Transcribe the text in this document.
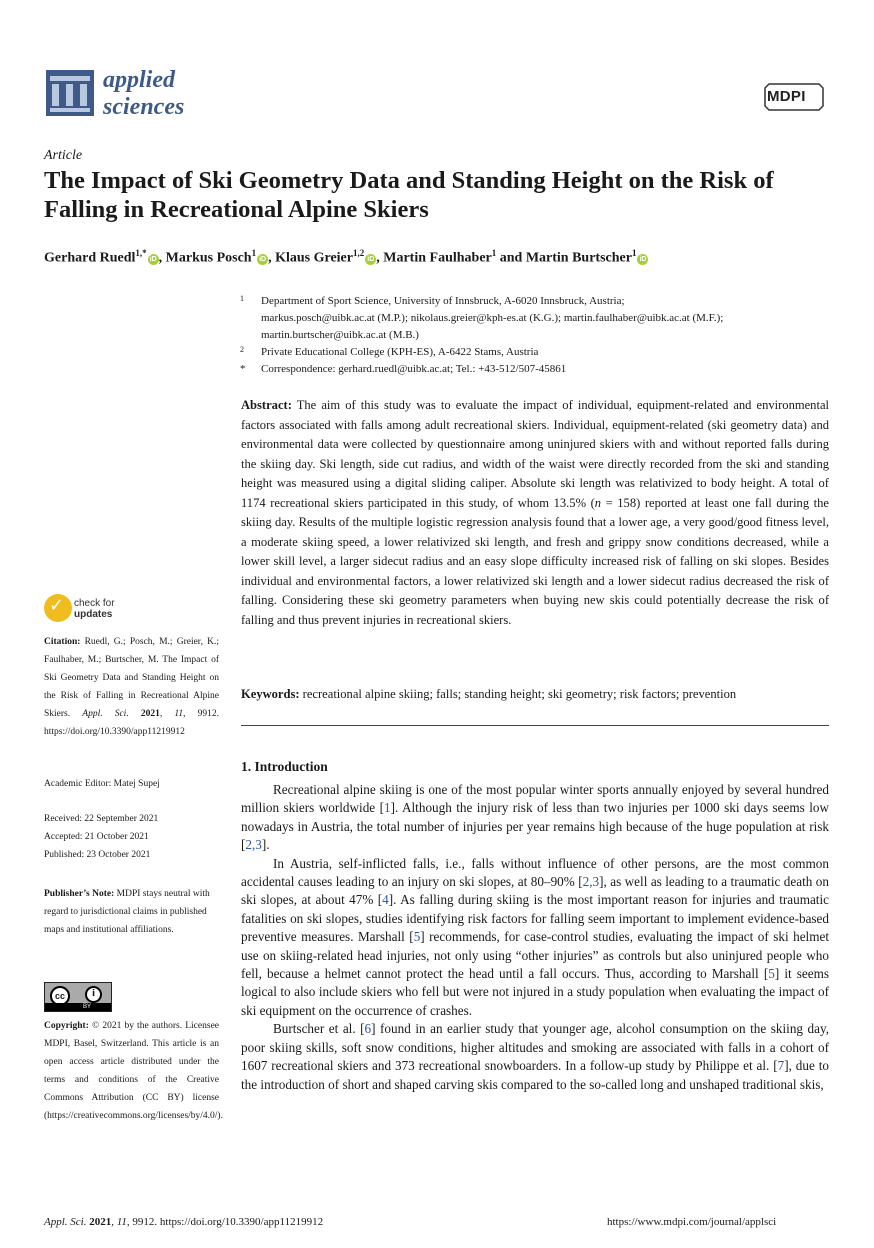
applied
sciences	MDPI
Article
The Impact of Ski Geometry Data and Standing Height on the Risk of Falling in Recreational Alpine Skiers
Gerhard Ruedl$^{1,*}$iD , Markus Posch$^1$iD , Klaus Greier$^{1,2}$iD , Martin Faulhaber$^1$ and Martin Burtscher$^1$iD
1 Department of Sport Science, University of Innsbruck, A-6020 Innsbruck, Austria;
markus.posch@uibk.ac.at (M.P.); nikolaus.greier@kph-es.at (K.G.); martin.faulhaber@uibk.ac.at (M.F.);
martin.burtscher@uibk.ac.at (M.B.)
2 Private Educational College (KPH-ES), A-6422 Stams, Austria
* Correspondence: gerhard.ruedl@uibk.ac.at; Tel.: +43-512/507-45861

Abstract: The aim of this study was to evaluate the impact of individual, equipment-related and environmental factors associated with falls among adult recreational skiers. Individual, equipment-related (ski geometry data) and environmental data were collected by questionnaire among uninjured skiers with and without reported falls during the skiing day. Ski length, side cut radius, and width of the waist were directly recorded from the ski and standing height was measured using a digital sliding caliper. Absolute ski length was relativized to body height. A total of 1174 recreational skiers participated in this study, of whom 13.5% (n = 158) reported at least one fall during the skiing day. Results of the multiple logistic regression analysis found that a lower age, a very good/good fitness level, a moderate skiing speed, a lower relativized ski length, and fresh and grippy snow conditions decreased, while a lower skill level, a larger sidecut radius and an easy slope difficulty increased risk of falling on ski slopes. Besides individual and environmental factors, a lower relativized ski length and a lower sidecut radius decreased the risk of falling. Considering these ski geometry parameters when buying new skis could potentially decrease the risk of falling and thus prevent injuries in recreational skiers.

Keywords: recreational alpine skiing; falls; standing height; ski geometry; risk factors; prevention

1. Introduction

Recreational alpine skiing is one of the most popular winter sports annually enjoyed by several hundred million skiers worldwide [1]. Although the injury risk of less than two injuries per 1000 ski days seems low nowadays in Austria, the total number of injuries per year remains high because of the huge population at risk [2,3].

In Austria, self-inflicted falls, i.e., falls without influence of other persons, are the most common accidental causes leading to an injury on ski slopes, at 80–90% [2,3], as well as leading to a traumatic death on ski slopes, at about 47% [4]. As falling during skiing is the most important reason for injuries and traumatic fatalities on ski slopes, studies identifying risk factors for falling seem important to implement evidence-based preventive measures. Marshall [5] recommends, for case-control studies, evaluating the impact of ski helmet use on skiing-related head injuries, not only using “other injuries” as controls but also uninjured people who fell, because a helmet cannot protect the head until a fall occurs. Thus, according to Marshall [5] it seems logical to also include skiers who fell but were not injured in a study population when evaluating the impact of ski equipment on the occurrence of crashes.

Burtscher et al. [6] found in an earlier study that younger age, alcohol consumption on the skiing day, poor skiing skills, soft snow conditions, higher altitudes and smoking are associated with falls in a cohort of 1607 recreational skiers and 373 recreational snowboarders. In a follow-up study by Philippe et al. [7], due to the introduction of short and shaped carving skis compared to the so-called long and unshaped traditional skis,

✓ check for
updates
Citation: Ruedl, G.; Posch, M.; Greier, K.; Faulhaber, M.; Burtscher, M. The Impact of Ski Geometry Data and Standing Height on the Risk of Falling in Recreational Alpine Skiers. Appl. Sci. 2021, 11, 9912. https://doi.org/10.3390/app11219912
Academic Editor: Matej Supej
Received: 22 September 2021
Accepted: 21 October 2021
Published: 23 October 2021
Publisher’s Note: MDPI stays neutral with regard to jurisdictional claims in published maps and institutional affiliations.
cc	i
BY
Copyright: © 2021 by the authors. Licensee MDPI, Basel, Switzerland. This article is an open access article distributed under the terms and conditions of the Creative Commons Attribution (CC BY) license (https://creativecommons.org/licenses/by/4.0/).
Appl. Sci. 2021, 11, 9912. https://doi.org/10.3390/app11219912	https://www.mdpi.com/journal/applsci
